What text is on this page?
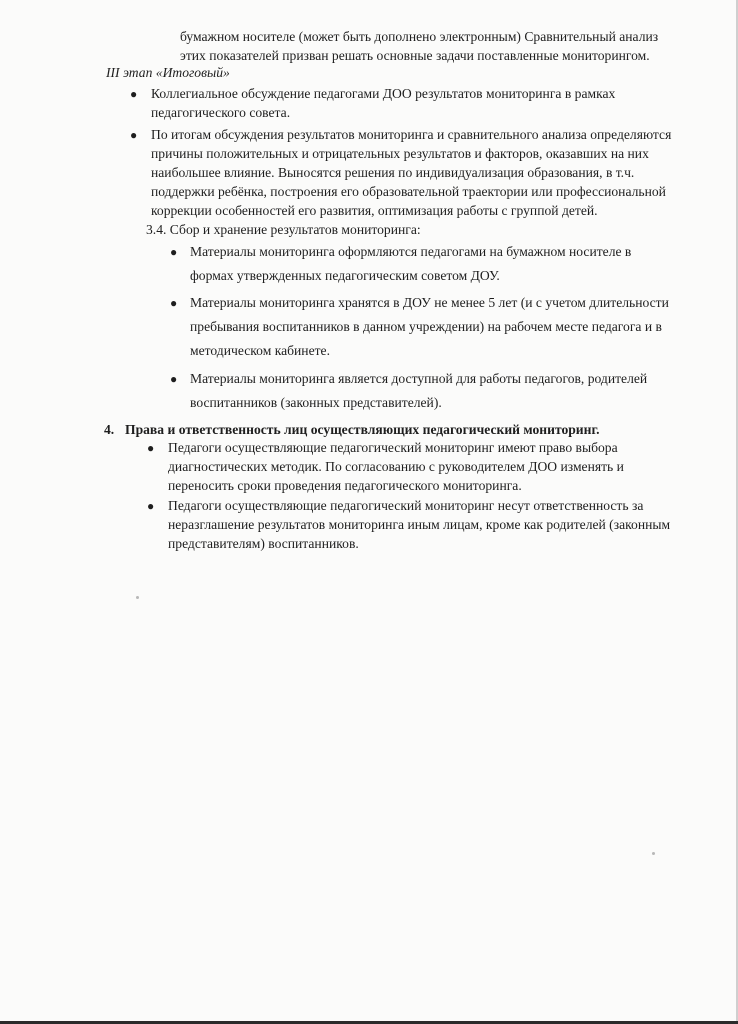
бумажном носителе (может быть дополнено электронным) Сравнительный анализ
этих показателей призван решать основные задачи поставленные мониторингом.
III этап «Итоговый»
● Коллегиальное обсуждение педагогами ДОО результатов мониторинга в рамках
педагогического совета.
● По итогам обсуждения результатов мониторинга и сравнительного анализа определяются
причины положительных и отрицательных результатов и факторов, оказавших на них
наибольшее влияние. Выносятся решения по индивидуализация образования, в т.ч.
поддержки ребёнка, построения его образовательной траектории или профессиональной
коррекции особенностей его развития, оптимизация работы с группой детей.
3.4. Сбор и хранение результатов мониторинга:
● Материалы мониторинга оформляются педагогами на бумажном носителе в
формах утвержденных педагогическим советом ДОУ.
● Материалы мониторинга хранятся в ДОУ не менее 5 лет (и с учетом длительности
пребывания воспитанников в данном учреждении) на рабочем месте педагога и в
методическом кабинете.
● Материалы мониторинга является доступной для работы педагогов, родителей
воспитанников (законных представителей).
4. Права и ответственность лиц осуществляющих педагогический мониторинг.
● Педагоги осуществляющие педагогический мониторинг имеют право выбора
диагностических методик. По согласованию с руководителем ДОО изменять и
переносить сроки проведения педагогического мониторинга.
● Педагоги осуществляющие педагогический мониторинг несут ответственность за
неразглашение результатов мониторинга иным лицам, кроме как родителей (законным
представителям) воспитанников.
